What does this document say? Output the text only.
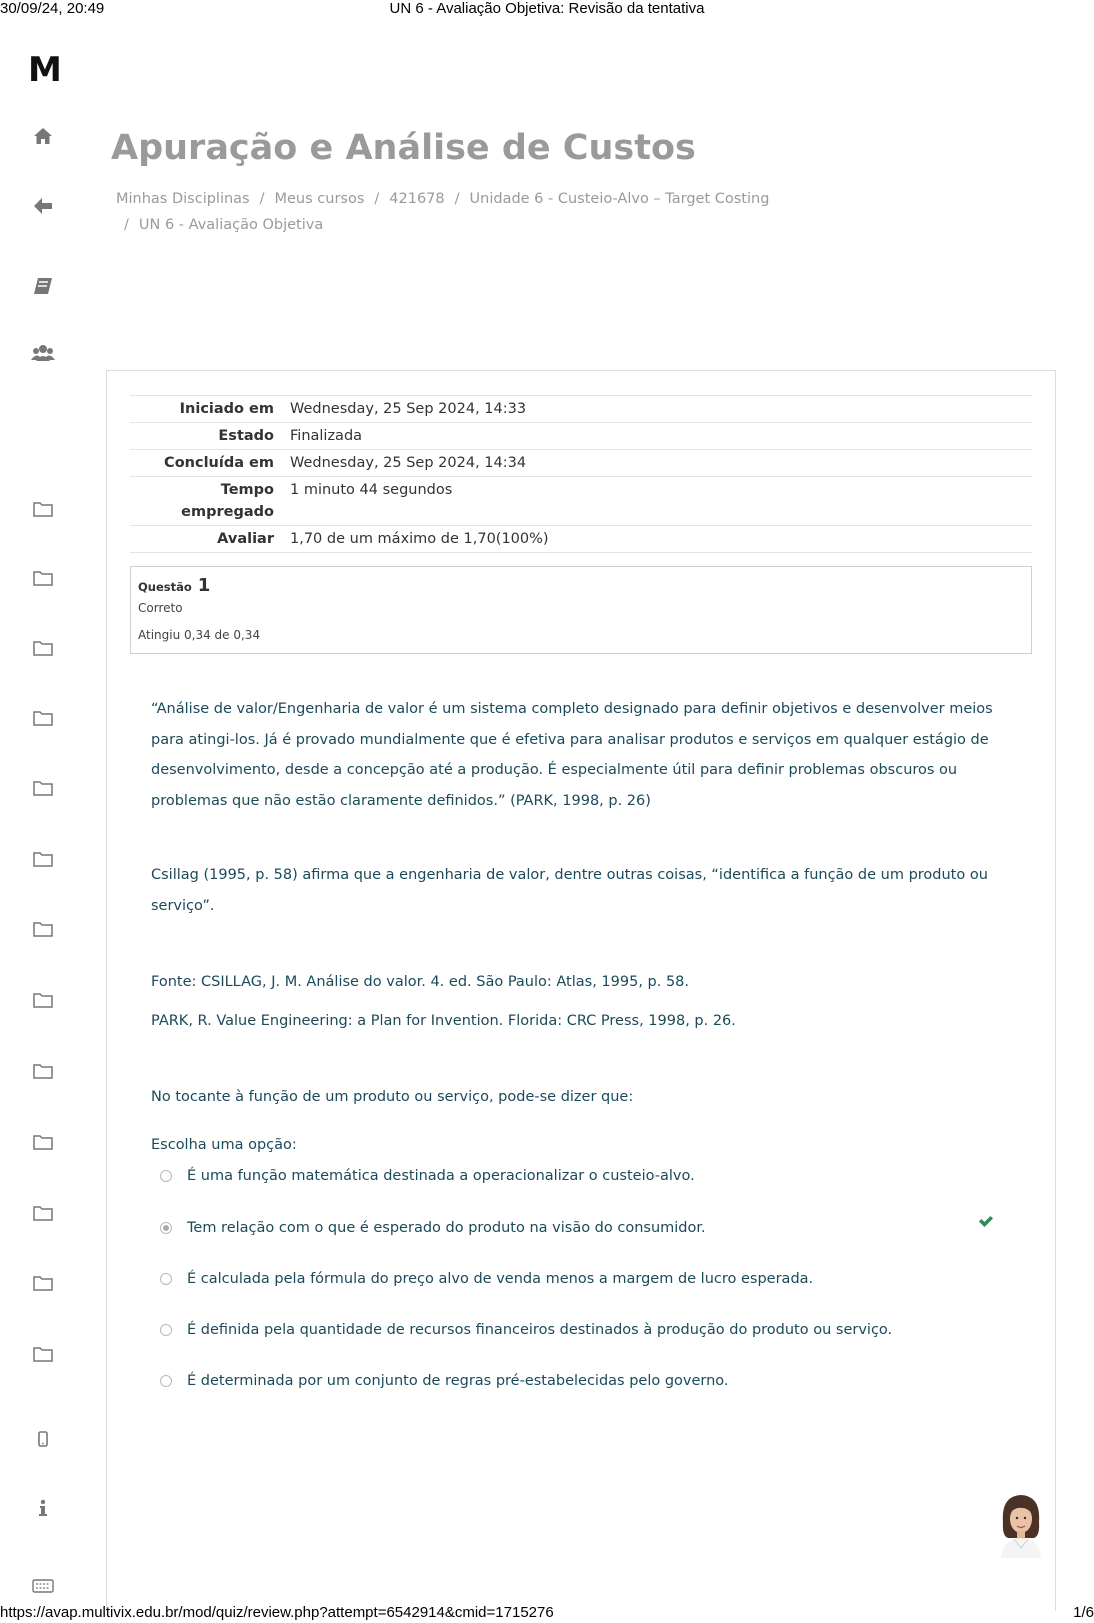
30/09/24, 20:49	UN 6 - Avaliação Objetiva: Revisão da tentativa
M
Apuração e Análise de Custos
Minhas Disciplinas / Meus cursos / 421678 / Unidade 6 - Custeio-Alvo – Target Costing
/ UN 6 - Avaliação Objetiva
Iniciado em	Wednesday, 25 Sep 2024, 14:33
Estado	Finalizada
Concluída em	Wednesday, 25 Sep 2024, 14:34
Tempo empregado	1 minuto 44 segundos
Avaliar	1,70 de um máximo de 1,70(100%)
Questão 1
Correto
Atingiu 0,34 de 0,34
“Análise de valor/Engenharia de valor é um sistema completo designado para definir objetivos e desenvolver meios para atingi-los. Já é provado mundialmente que é efetiva para analisar produtos e serviços em qualquer estágio de desenvolvimento, desde a concepção até a produção. É especialmente útil para definir problemas obscuros ou problemas que não estão claramente definidos.” (PARK, 1998, p. 26)
Csillag (1995, p. 58) afirma que a engenharia de valor, dentre outras coisas, “identifica a função de um produto ou serviço”.
Fonte: CSILLAG, J. M. Análise do valor. 4. ed. São Paulo: Atlas, 1995, p. 58.
PARK, R. Value Engineering: a Plan for Invention. Florida: CRC Press, 1998, p. 26.
No tocante à função de um produto ou serviço, pode-se dizer que:
Escolha uma opção:
É uma função matemática destinada a operacionalizar o custeio-alvo.
Tem relação com o que é esperado do produto na visão do consumidor.
É calculada pela fórmula do preço alvo de venda menos a margem de lucro esperada.
É definida pela quantidade de recursos financeiros destinados à produção do produto ou serviço.
É determinada por um conjunto de regras pré-estabelecidas pelo governo.
https://avap.multivix.edu.br/mod/quiz/review.php?attempt=6542914&cmid=1715276	1/6
